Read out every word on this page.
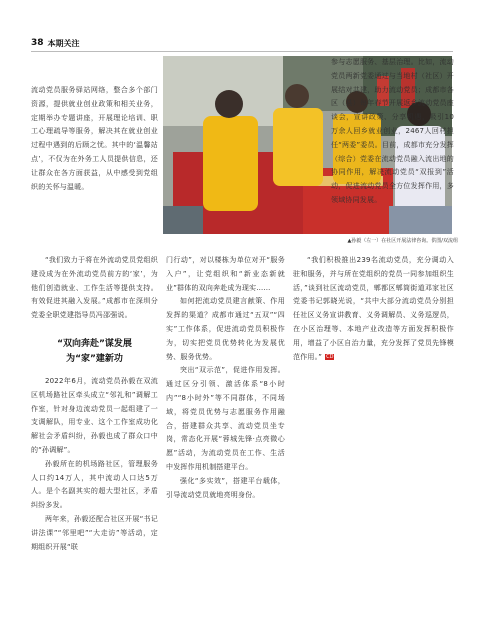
38 本期关注
▲孙毅（左一）在社区开展法律咨询。供图/双流组

流动党员服务驿站网络，整合多个部门资源，提供就业创业政策和相关业务，定期举办专题讲座，开展理论培训、职工心理疏导等服务，解决其在就业创业过程中遇到的后顾之忧。其中的‘温馨站点’，不仅为在外务工人员提供信息，还让群众在各方面获益，从中感受到党组织的关怀与温暖。

“我们致力于将在外流动党员党组织建设成为在外流动党员前方的‘家’，为他们创造就业、工作生活等提供支持。有效促进其融入发展。”成都市在深圳分党委全职党建指导员冯邵强说。

“双向奔赴”谋发展
为“家”建新功

2022年6月，流动党员孙毅在双流区机场路社区牵头成立“邻礼和”调解工作室，针对身边流动党员一起组建了一支调解队，用专业、这个工作室成功化解社会矛盾纠纷，孙毅也成了群众口中的“孙调解”。

孙毅所在的机场路社区，管理服务人口约14万人，其中流动人口达5万人。是个名副其实的超大型社区，矛盾纠纷多发。

两年来，孙毅还配合社区开展“书记讲法课”“邻里吧”“大走访”等活动，定期组织开展“联

门行动”，对以楼栋为单位对开“服务入户”，让党组织和“新业态新就业”群体的双向奔赴成为现实……

如何把流动党员建言献策、作用发挥的渠道？成都市通过“五双”“四实”工作体系，促进流动党员积极作为，切实把党员优势转化为发展优势、服务优势。

突出“双示范”，促进作用发挥。通过区分引领、激活体系“8小时内”“8小时外”等不同群体，不同场域，将党员优势与志愿服务作用融合，搭建群众共享、流动党员坐专岗，常态化开展“蓉城先锋·点亮微心愿”活动，为流动党员在工作、生活中发挥作用机制搭建平台。

强化“多实效”，搭建平台载体，引导流动党员就地亮明身份。

参与志愿服务、基层治理。比如，流动党员两新党委通过与当地村（社区）开展结对共建，助力流动党员；成都市各区（县）每年春节开展返乡流动党员座谈会，宣讲政策、分享机遇，吸引10万余人回乡就业创业，2467人回村担任“两委”委员。目前，成都市充分发挥（综合）党委在流动党员融入流出地的协同作用，解决流动党员“双报到”活动，促进流动党员全方位发挥作用，多领域协同发展。

“我们积极推出239名流动党员，充分调动入驻和服务，并与所在党组织的党员一同参加组织生活，”谈到社区流动党员，郫都区郫筒街道邓家社区党委书记郭晓光说，“共中大部分流动党员分别担任社区义务宣讲教育、义务调解员、义务巡逻员，在小区治理等、本地产业改造等方面发挥积极作用，增益了小区自治力量，充分发挥了党员先锋模范作用。” CD
